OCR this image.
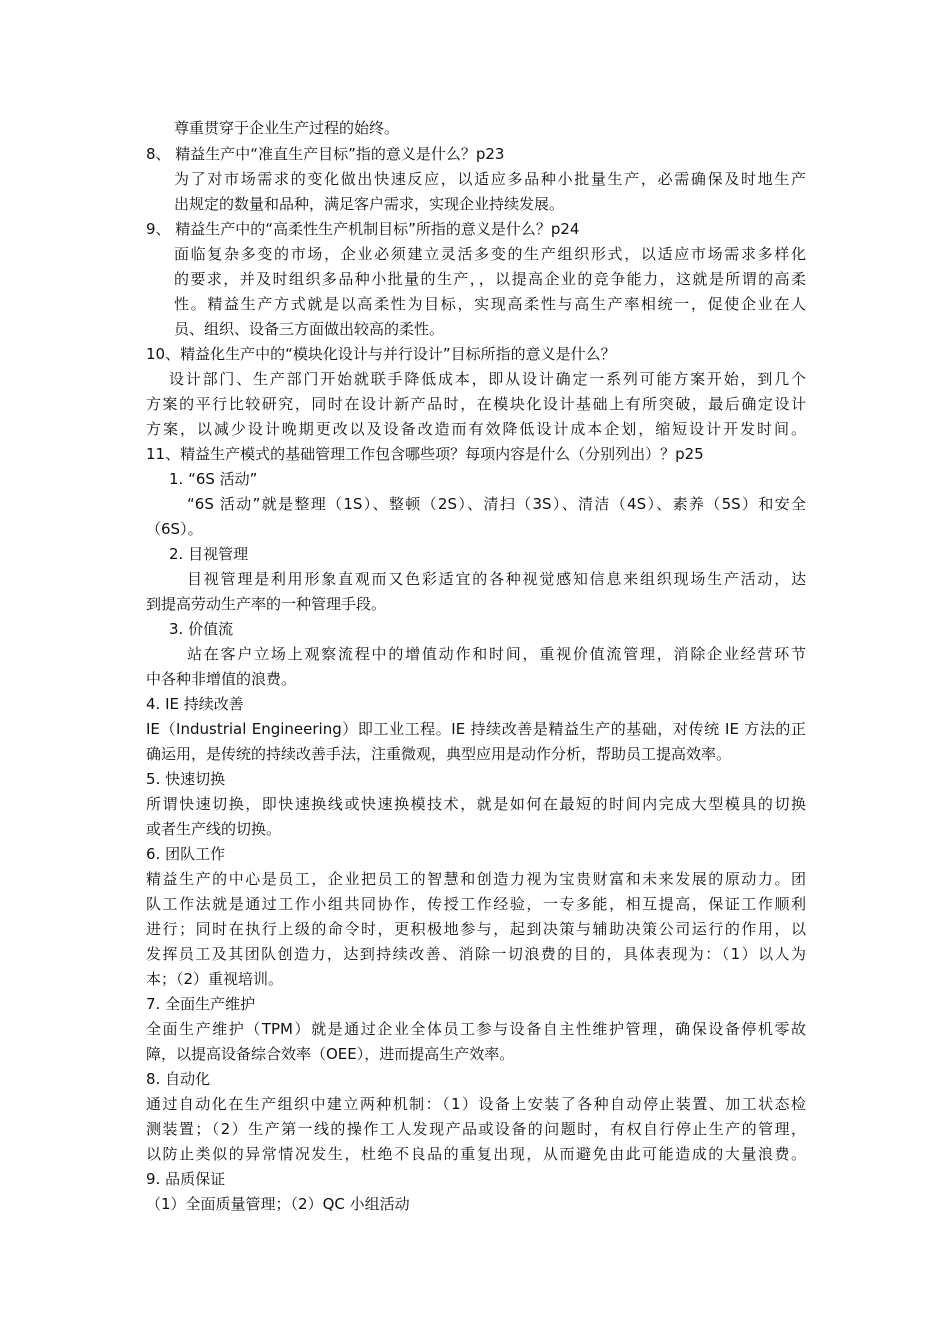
尊重贯穿于企业生产过程的始终。
8、 精益生产中“准直生产目标”指的意义是什么？p23
为了对市场需求的变化做出快速反应，以适应多品种小批量生产，必需确保及时地生产
出规定的数量和品种，满足客户需求，实现企业持续发展。
9、 精益生产中的“高柔性生产机制目标”所指的意义是什么？p24
面临复杂多变的市场，企业必须建立灵活多变的生产组织形式，以适应市场需求多样化
的要求，并及时组织多品种小批量的生产，，以提高企业的竞争能力，这就是所谓的高柔
性。精益生产方式就是以高柔性为目标，实现高柔性与高生产率相统一，促使企业在人
员、组织、设备三方面做出较高的柔性。
10、精益化生产中的“模块化设计与并行设计”目标所指的意义是什么？
设计部门、生产部门开始就联手降低成本，即从设计确定一系列可能方案开始，到几个
方案的平行比较研究，同时在设计新产品时，在模块化设计基础上有所突破，最后确定设计
方案，以减少设计晚期更改以及设备改造而有效降低设计成本企划，缩短设计开发时间。
11、精益生产模式的基础管理工作包含哪些项？每项内容是什么（分别列出）？p25
1. “6S 活动”
“6S 活动”就是整理（1S）、整顿（2S）、清扫（3S）、清洁（4S）、素养（5S）和安全
（6S）。
2. 目视管理
目视管理是利用形象直观而又色彩适宜的各种视觉感知信息来组织现场生产活动，达
到提高劳动生产率的一种管理手段。
3. 价值流
站在客户立场上观察流程中的增值动作和时间，重视价值流管理，消除企业经营环节
中各种非增值的浪费。
4. IE 持续改善
IE（Industrial Engineering）即工业工程。IE 持续改善是精益生产的基础，对传统 IE 方法的正
确运用，是传统的持续改善手法，注重微观，典型应用是动作分析，帮助员工提高效率。
5. 快速切换
所谓快速切换，即快速换线或快速换模技术，就是如何在最短的时间内完成大型模具的切换
或者生产线的切换。
6. 团队工作
精益生产的中心是员工，企业把员工的智慧和创造力视为宝贵财富和未来发展的原动力。团
队工作法就是通过工作小组共同协作，传授工作经验，一专多能，相互提高，保证工作顺利
进行；同时在执行上级的命令时，更积极地参与，起到决策与辅助决策公司运行的作用，以
发挥员工及其团队创造力，达到持续改善、消除一切浪费的目的，具体表现为：（1）以人为
本；（2）重视培训。
7. 全面生产维护
全面生产维护（TPM）就是通过企业全体员工参与设备自主性维护管理，确保设备停机零故
障，以提高设备综合效率（OEE），进而提高生产效率。
8. 自动化
通过自动化在生产组织中建立两种机制：（1）设备上安装了各种自动停止装置、加工状态检
测装置；（2）生产第一线的操作工人发现产品或设备的问题时，有权自行停止生产的管理，
以防止类似的异常情况发生，杜绝不良品的重复出现，从而避免由此可能造成的大量浪费。
9. 品质保证
（1）全面质量管理；（2）QC 小组活动
